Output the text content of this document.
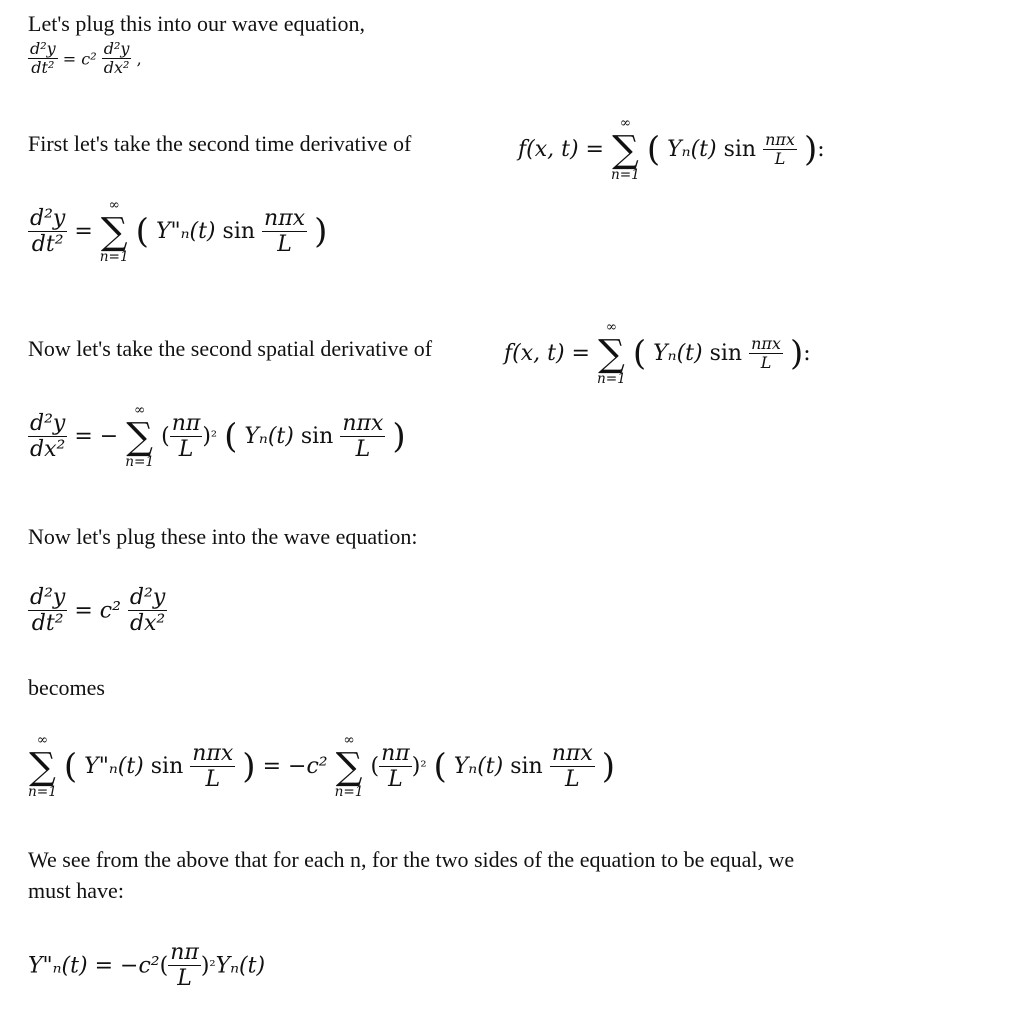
Let's plug this into our wave equation,
$\frac{\text{d²y}}{\text{dt²}} = c^2 \frac{\text{d²y}}{\text{dx²}}$ ,
First let's take the second time derivative of	f(x, t) =
∞
∑
n=1
( Yₙ(t) $\sin \frac{\text{nπx}}{L}$ ):
$\frac{\text{d²y}}{\text{dt²}}$ =
∞
∑
n=1
( Y"ₙ(t) $\sin \frac{\text{nπx}}{L}$ )
Now let's take the second spatial derivative of	f(x, t) =
∞
∑
n=1
( Yₙ(t) $\sin \frac{\text{nπx}}{L}$ ):
$\frac{\text{d²y}}{\text{dx²}}$ = −
∞
∑
n=1
( $\frac{n\pi}{L} )^2$ ( Yₙ(t) $\sin \frac{\text{nπx}}{L}$ )
Now let's plug these into the wave equation:
$\frac{\text{d²y}}{\text{dt²}} = c^2 \frac{\text{d²y}}{\text{dx²}}$
becomes
∞
∑
n=1
( Y"ₙ(t) $\sin \frac{\text{nπx}}{L}$ ) = −c²
∞
∑
n=1
( $\frac{n\pi}{L} )^2$ ( Yₙ(t) $\sin \frac{\text{nπx}}{L}$ )
We see from the above that for each n, for the two sides of the equation to be equal, we
must have:
Y"ₙ(t) = $-c^2( \frac{n\pi}{L} )^2Y_n(t)$
